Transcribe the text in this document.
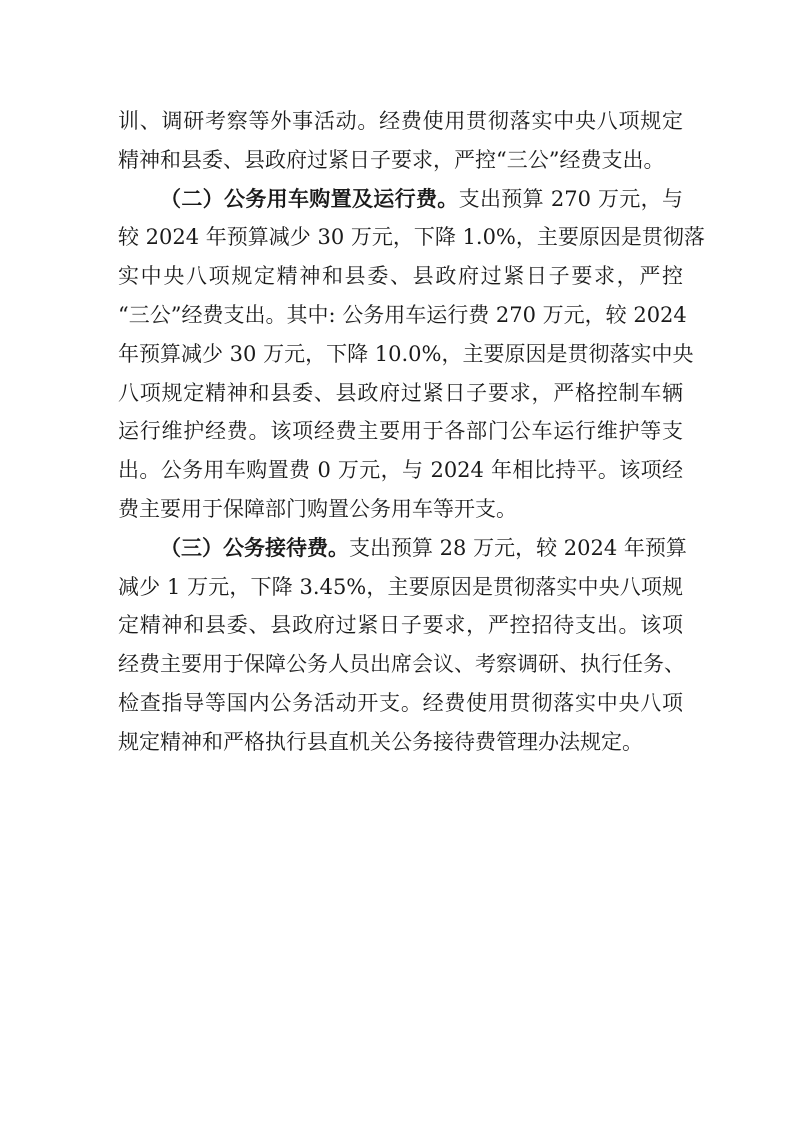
训、调研考察等外事活动。经费使用贯彻落实中央八项规定
精神和县委、县政府过紧日子要求，严控“三公”经费支出。
（二）公务用车购置及运行费。支出预算 270 万元，与
较 2024 年预算减少 30 万元，下降 1.0%，主要原因是贯彻落
实中央八项规定精神和县委、县政府过紧日子要求，严控
“三公”经费支出。其中: 公务用车运行费 270 万元，较 2024
年预算减少 30 万元，下降 10.0%，主要原因是贯彻落实中央
八项规定精神和县委、县政府过紧日子要求，严格控制车辆
运行维护经费。该项经费主要用于各部门公车运行维护等支
出。公务用车购置费 0 万元，与 2024 年相比持平。该项经
费主要用于保障部门购置公务用车等开支。
（三）公务接待费。支出预算 28 万元，较 2024 年预算
减少 1 万元，下降 3.45%，主要原因是贯彻落实中央八项规
定精神和县委、县政府过紧日子要求，严控招待支出。该项
经费主要用于保障公务人员出席会议、考察调研、执行任务、
检查指导等国内公务活动开支。经费使用贯彻落实中央八项
规定精神和严格执行县直机关公务接待费管理办法规定。
